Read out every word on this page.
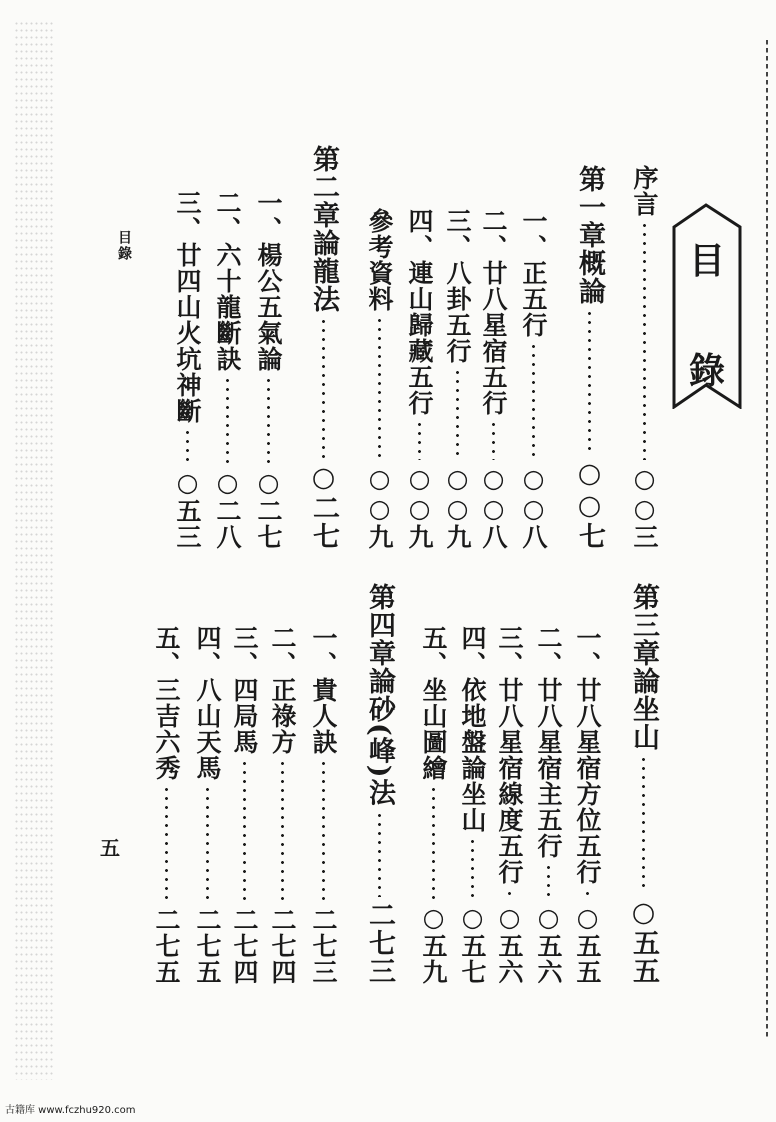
目
錄
目錄
序言
○○三
第一章概論
○○七
一、正五行
○○八
二、廿八星宿五行
○○八
三、八卦五行
○○九
四、連山歸藏五行
○○九
參考資料
○○九
第二章論龍法
○二七
一、楊公五氣論
○二七
二、六十龍斷訣
○二八
三、廿四山火坑神斷
○五三
第三章論坐山
○五五
一、廿八星宿方位五行
○五五
二、廿八星宿主五行
○五六
三、廿八星宿線度五行
○五六
四、依地盤論坐山
○五七
五、坐山圖繪
○五九
第四章論砂(峰)法
二七三
一、貴人訣
二七三
二、正祿方
二七四
三、四局馬
二七四
四、八山天馬
二七五
五、三吉六秀
二七五
五
古籍库 www.fczhu920.com
